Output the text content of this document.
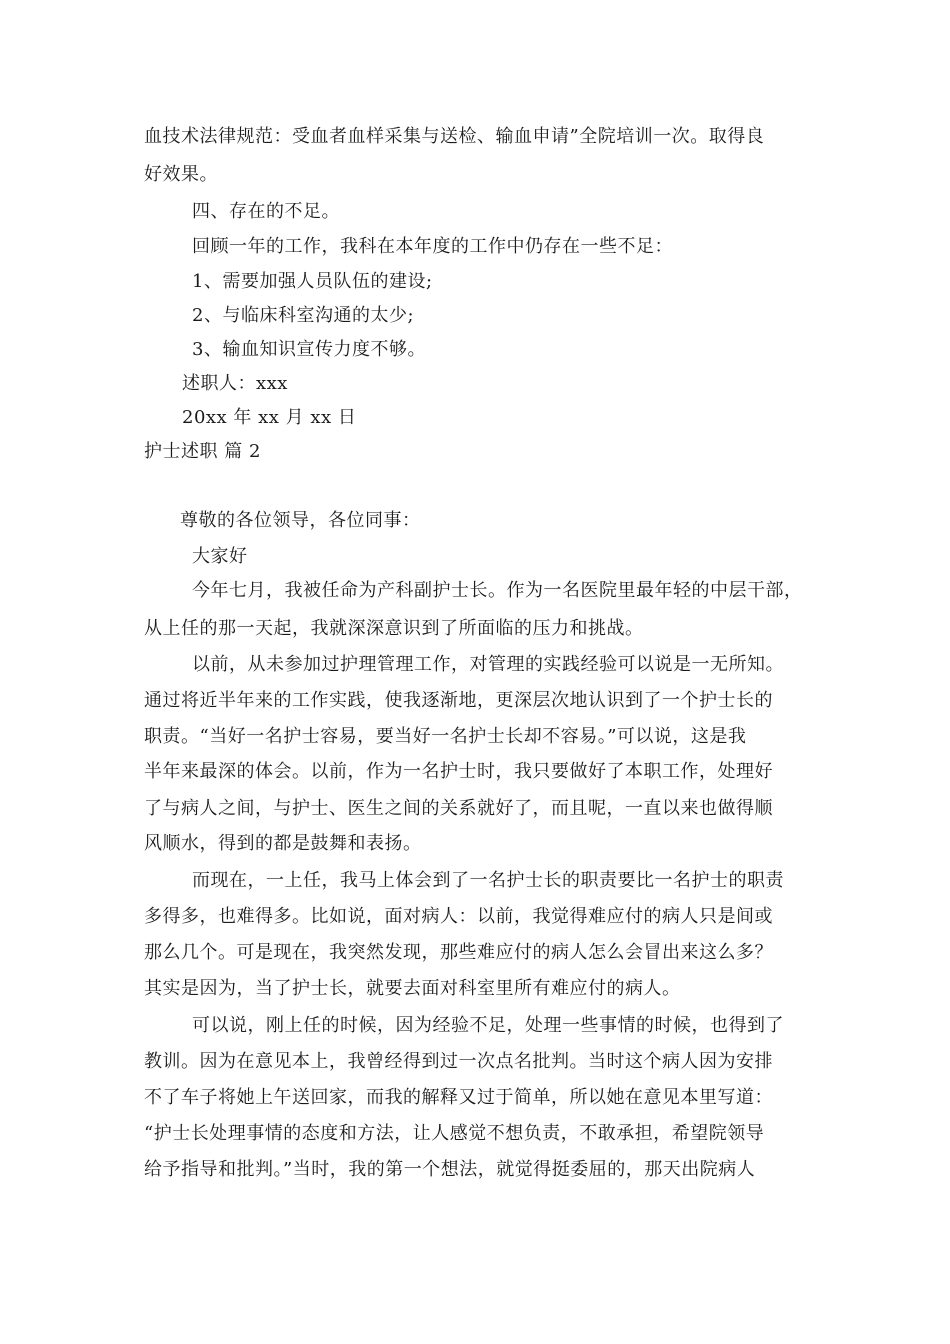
血技术法律规范：受血者血样采集与送检、输血申请”全院培训一次。取得良
好效果。
四、存在的不足。
回顾一年的工作，我科在本年度的工作中仍存在一些不足：
1、需要加强人员队伍的建设;
2、与临床科室沟通的太少;
3、输血知识宣传力度不够。
述职人：xxx
20xx 年 xx 月 xx 日
护士述职 篇 2
尊敬的各位领导，各位同事：
大家好
今年七月，我被任命为产科副护士长。作为一名医院里最年轻的中层干部，
从上任的那一天起，我就深深意识到了所面临的压力和挑战。
以前，从未参加过护理管理工作，对管理的实践经验可以说是一无所知。
通过将近半年来的工作实践，使我逐渐地，更深层次地认识到了一个护士长的
职责。“当好一名护士容易，要当好一名护士长却不容易。”可以说，这是我
半年来最深的体会。以前，作为一名护士时，我只要做好了本职工作，处理好
了与病人之间，与护士、医生之间的关系就好了，而且呢，一直以来也做得顺
风顺水，得到的都是鼓舞和表扬。
而现在，一上任，我马上体会到了一名护士长的职责要比一名护士的职责
多得多，也难得多。比如说，面对病人：以前，我觉得难应付的病人只是间或
那么几个。可是现在，我突然发现，那些难应付的病人怎么会冒出来这么多？
其实是因为，当了护士长，就要去面对科室里所有难应付的病人。
可以说，刚上任的时候，因为经验不足，处理一些事情的时候，也得到了
教训。因为在意见本上，我曾经得到过一次点名批判。当时这个病人因为安排
不了车子将她上午送回家，而我的解释又过于简单，所以她在意见本里写道：
“护士长处理事情的态度和方法，让人感觉不想负责，不敢承担，希望院领导
给予指导和批判。”当时，我的第一个想法，就觉得挺委屈的，那天出院病人
